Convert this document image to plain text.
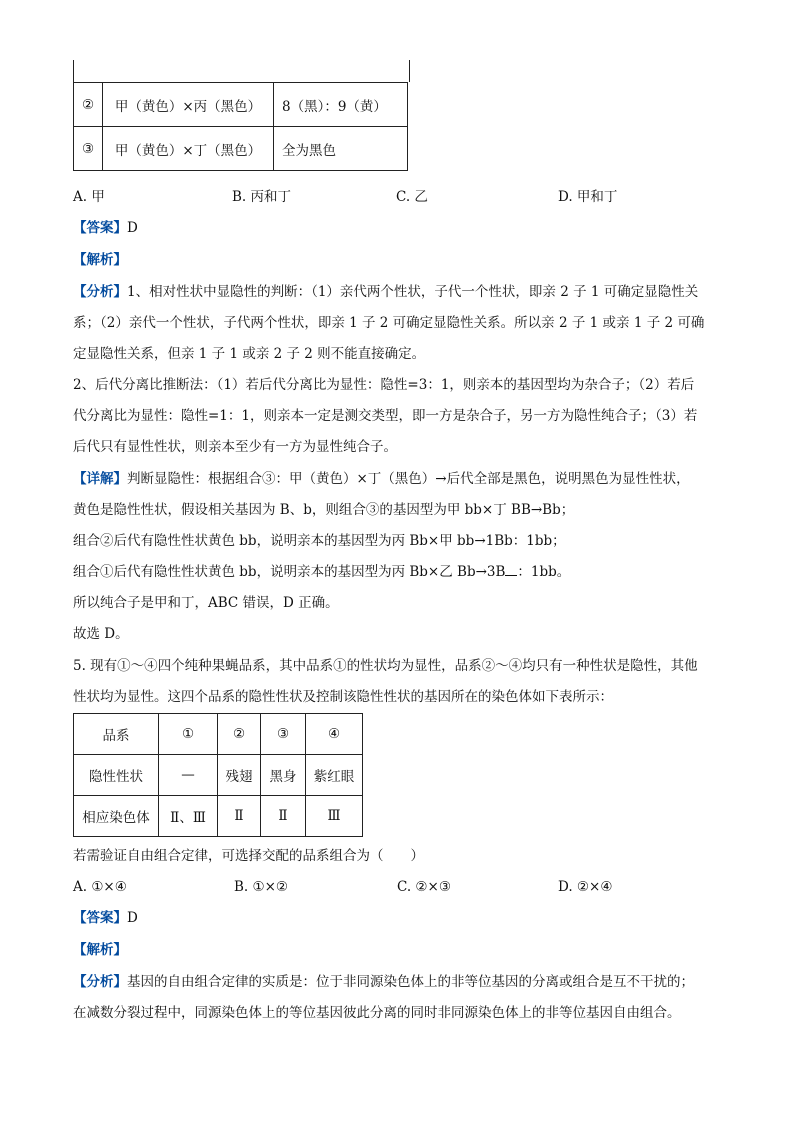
②	甲（黄色）×丙（黑色）	8（黑）：9（黄）
③	甲（黄色）×丁（黑色）	全为黑色
A. 甲	B. 丙和丁	C. 乙	D. 甲和丁
【答案】D
【解析】
【分析】1、相对性状中显隐性的判断：（1）亲代两个性状，子代一个性状，即亲 2 子 1 可确定显隐性关
系；（2）亲代一个性状，子代两个性状，即亲 1 子 2 可确定显隐性关系。所以亲 2 子 1 或亲 1 子 2 可确
定显隐性关系，但亲 1 子 1 或亲 2 子 2 则不能直接确定。
2、后代分离比推断法：（1）若后代分离比为显性：隐性=3：1，则亲本的基因型均为杂合子；（2）若后
代分离比为显性：隐性=1：1，则亲本一定是测交类型，即一方是杂合子，另一方为隐性纯合子；（3）若
后代只有显性性状，则亲本至少有一方为显性纯合子。
【详解】判断显隐性：根据组合③：甲（黄色）×丁（黑色）→后代全部是黑色，说明黑色为显性性状，
黄色是隐性性状，假设相关基因为 B、b，则组合③的基因型为甲 bb×丁 BB→Bb；
组合②后代有隐性性状黄色 bb，说明亲本的基因型为丙 Bb×甲 bb→1Bb：1bb；
组合①后代有隐性性状黄色 bb，说明亲本的基因型为丙 Bb×乙 Bb→3B ：1bb。
所以纯合子是甲和丁，ABC 错误，D 正确。
故选 D。
5. 现有①～④四个纯种果蝇品系，其中品系①的性状均为显性，品系②～④均只有一种性状是隐性，其他
性状均为显性。这四个品系的隐性性状及控制该隐性性状的基因所在的染色体如下表所示：
品系	①	②	③	④
隐性性状	—	残翅	黑身	紫红眼
相应染色体	Ⅱ、Ⅲ	Ⅱ	Ⅱ	Ⅲ
若需验证自由组合定律，可选择交配的品系组合为（　　）
A. ①×④	B. ①×②	C. ②×③	D. ②×④
【答案】D
【解析】
【分析】基因的自由组合定律的实质是：位于非同源染色体上的非等位基因的分离或组合是互不干扰的；
在减数分裂过程中，同源染色体上的等位基因彼此分离的同时非同源染色体上的非等位基因自由组合。
